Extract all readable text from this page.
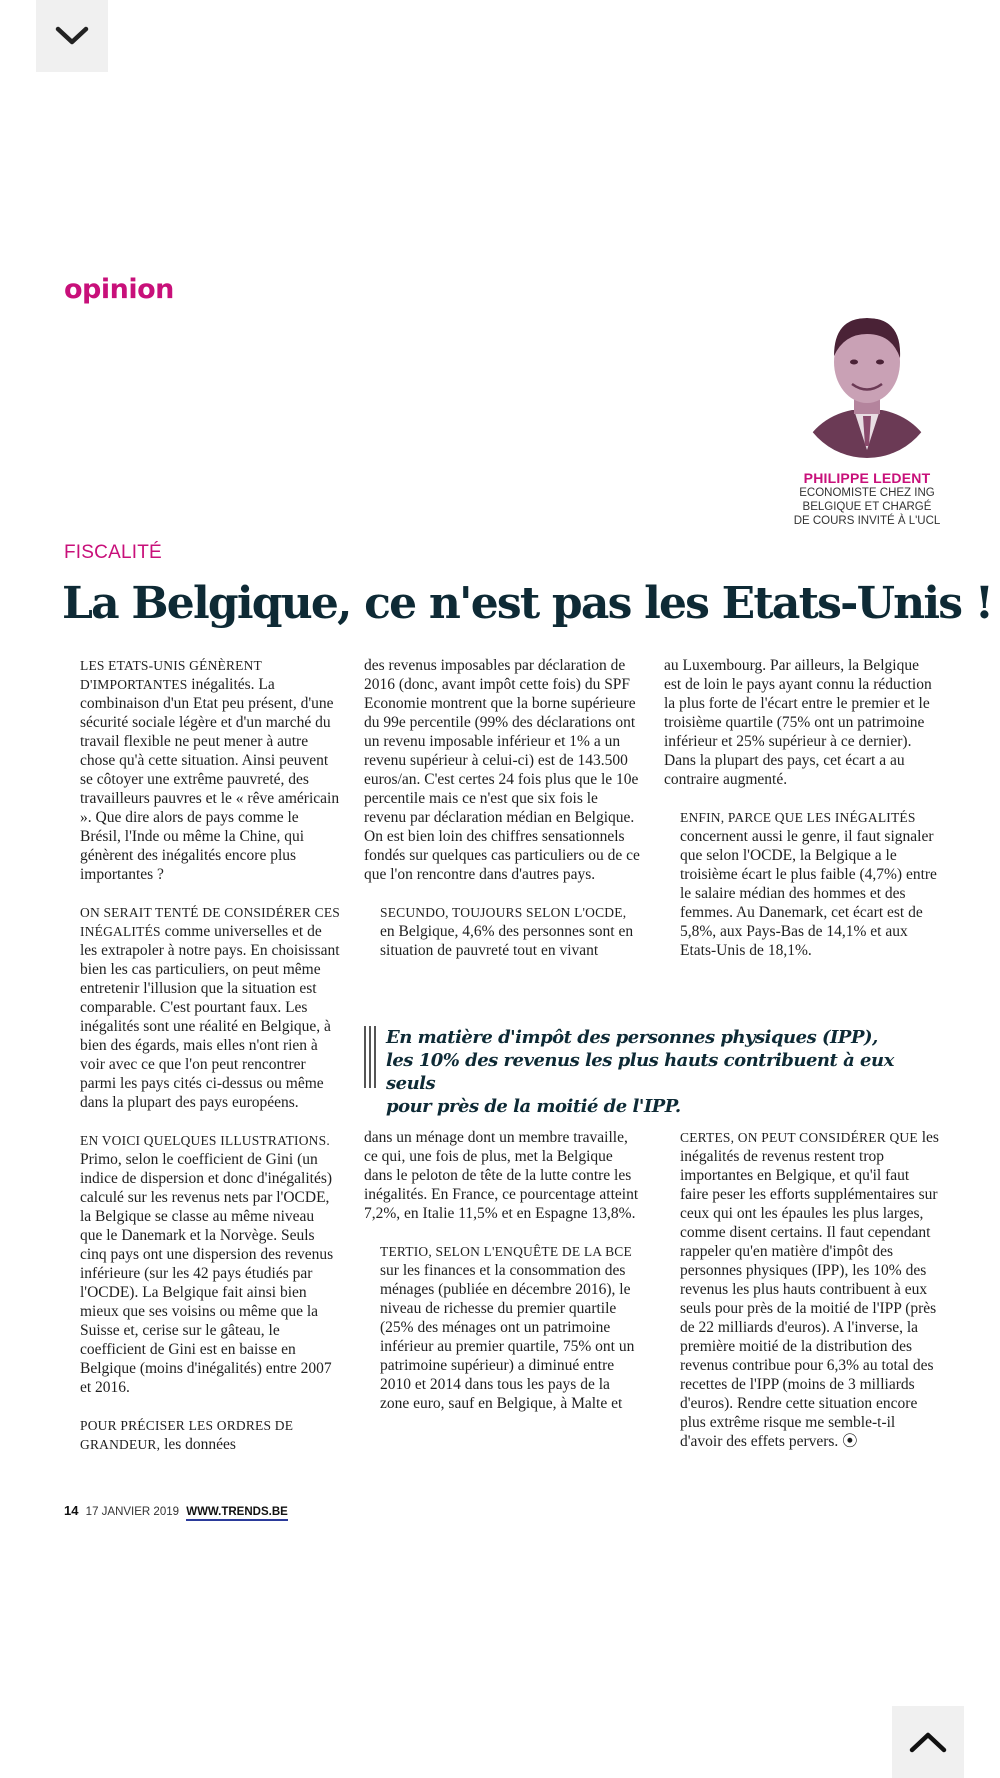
opinion
PHILIPPE LEDENT
ECONOMISTE CHEZ ING
BELGIQUE ET CHARGÉ
DE COURS INVITÉ À L'UCL
FISCALITÉ
La Belgique, ce n'est pas les Etats-Unis !

LES ETATS-UNIS GÉNÈRENT D'IMPORTANTES inégalités. La combinaison d'un Etat peu présent, d'une sécurité sociale légère et d'un marché du travail flexible ne peut mener à autre chose qu'à cette situation. Ainsi peuvent se côtoyer une extrême pauvreté, des travailleurs pauvres et le « rêve américain ». Que dire alors de pays comme le Brésil, l'Inde ou même la Chine, qui génèrent des inégalités encore plus importantes ?

ON SERAIT TENTÉ DE CONSIDÉRER CES INÉGALITÉS comme universelles et de les extrapoler à notre pays. En choisissant bien les cas particuliers, on peut même entretenir l'illusion que la situation est comparable. C'est pourtant faux. Les inégalités sont une réalité en Belgique, à bien des égards, mais elles n'ont rien à voir avec ce que l'on peut rencontrer parmi les pays cités ci-dessus ou même dans la plupart des pays européens.

EN VOICI QUELQUES ILLUSTRATIONS. Primo, selon le coefficient de Gini (un indice de dispersion et donc d'inégalités) calculé sur les revenus nets par l'OCDE, la Belgique se classe au même niveau que le Danemark et la Norvège. Seuls cinq pays ont une dispersion des revenus inférieure (sur les 42 pays étudiés par l'OCDE). La Belgique fait ainsi bien mieux que ses voisins ou même que la Suisse et, cerise sur le gâteau, le coefficient de Gini est en baisse en Belgique (moins d'inégalités) entre 2007 et 2016.

POUR PRÉCISER LES ORDRES DE GRANDEUR, les données

des revenus imposables par déclaration de 2016 (donc, avant impôt cette fois) du SPF Economie montrent que la borne supérieure du 99e percentile (99% des déclarations ont un revenu imposable inférieur et 1% a un revenu supérieur à celui-ci) est de 143.500 euros/an. C'est certes 24 fois plus que le 10e percentile mais ce n'est que six fois le revenu par déclaration médian en Belgique. On est bien loin des chiffres sensationnels fondés sur quelques cas particuliers ou de ce que l'on rencontre dans d'autres pays.

SECUNDO, TOUJOURS SELON L'OCDE, en Belgique, 4,6% des personnes sont en situation de pauvreté tout en vivant

au Luxembourg. Par ailleurs, la Belgique est de loin le pays ayant connu la réduction la plus forte de l'écart entre le premier et le troisième quartile (75% ont un patrimoine inférieur et 25% supérieur à ce dernier). Dans la plupart des pays, cet écart a au contraire augmenté.

ENFIN, PARCE QUE LES INÉGALITÉS concernent aussi le genre, il faut signaler que selon l'OCDE, la Belgique a le troisième écart le plus faible (4,7%) entre le salaire médian des hommes et des femmes. Au Danemark, cet écart est de 5,8%, aux Pays-Bas de 14,1% et aux Etats-Unis de 18,1%.

En matière d'impôt des personnes physiques (IPP),
les 10% des revenus les plus hauts contribuent à eux seuls
pour près de la moitié de l'IPP.

dans un ménage dont un membre travaille, ce qui, une fois de plus, met la Belgique dans le peloton de tête de la lutte contre les inégalités. En France, ce pourcentage atteint 7,2%, en Italie 11,5% et en Espagne 13,8%.

TERTIO, SELON L'ENQUÊTE DE LA BCE sur les finances et la consommation des ménages (publiée en décembre 2016), le niveau de richesse du premier quartile (25% des ménages ont un patrimoine inférieur au premier quartile, 75% ont un patrimoine supérieur) a diminué entre 2010 et 2014 dans tous les pays de la zone euro, sauf en Belgique, à Malte et

CERTES, ON PEUT CONSIDÉRER QUE les inégalités de revenus restent trop importantes en Belgique, et qu'il faut faire peser les efforts supplémentaires sur ceux qui ont les épaules les plus larges, comme disent certains. Il faut cependant rappeler qu'en matière d'impôt des personnes physiques (IPP), les 10% des revenus les plus hauts contribuent à eux seuls pour près de la moitié de l'IPP (près de 22 milliards d'euros). A l'inverse, la première moitié de la distribution des revenus contribue pour 6,3% au total des recettes de l'IPP (moins de 3 milliards d'euros). Rendre cette situation encore plus extrême risque me semble-t-il d'avoir des effets pervers. ⦿

14 17 JANVIER 2019 WWW.TRENDS.BE
